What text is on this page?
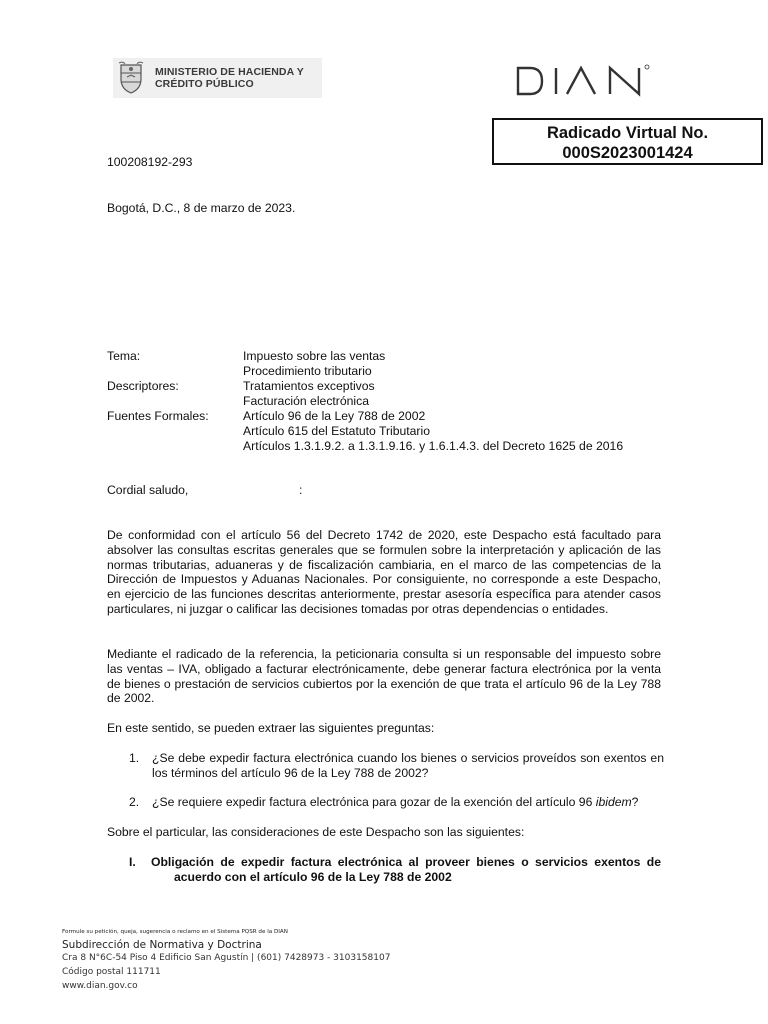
MINISTERIO DE HACIENDA Y
CRÉDITO PÚBLICO
Radicado Virtual No.
000S2023001424
100208192-293
Bogotá, D.C., 8 de marzo de 2023.
Tema:	Impuesto sobre las ventas
Procedimiento tributario
Descriptores:	Tratamientos exceptivos
Facturación electrónica
Fuentes Formales:	Artículo 96 de la Ley 788 de 2002
Artículo 615 del Estatuto Tributario
Artículos 1.3.1.9.2. a 1.3.1.9.16. y 1.6.1.4.3. del Decreto 1625 de 2016
Cordial saludo,	:
De conformidad con el artículo 56 del Decreto 1742 de 2020, este Despacho está facultado para absolver las consultas escritas generales que se formulen sobre la interpretación y aplicación de las normas tributarias, aduaneras y de fiscalización cambiaria, en el marco de las competencias de la Dirección de Impuestos y Aduanas Nacionales. Por consiguiente, no corresponde a este Despacho, en ejercicio de las funciones descritas anteriormente, prestar asesoría específica para atender casos particulares, ni juzgar o calificar las decisiones tomadas por otras dependencias o entidades.
Mediante el radicado de la referencia, la peticionaria consulta si un responsable del impuesto sobre las ventas – IVA, obligado a facturar electrónicamente, debe generar factura electrónica por la venta de bienes o prestación de servicios cubiertos por la exención de que trata el artículo 96 de la Ley 788 de 2002.
En este sentido, se pueden extraer las siguientes preguntas:
1. ¿Se debe expedir factura electrónica cuando los bienes o servicios proveídos son exentos en los términos del artículo 96 de la Ley 788 de 2002?
2. ¿Se requiere expedir factura electrónica para gozar de la exención del artículo 96 ibidem?
Sobre el particular, las consideraciones de este Despacho son las siguientes:
I. Obligación de expedir factura electrónica al proveer bienes o servicios exentos de
acuerdo con el artículo 96 de la Ley 788 de 2002
Formule su petición, queja, sugerencia o reclamo en el Sistema PQSR de la DIAN
Subdirección de Normativa y Doctrina
Cra 8 N°6C-54 Piso 4 Edificio San Agustín | (601) 7428973 - 3103158107
Código postal 111711
www.dian.gov.co
